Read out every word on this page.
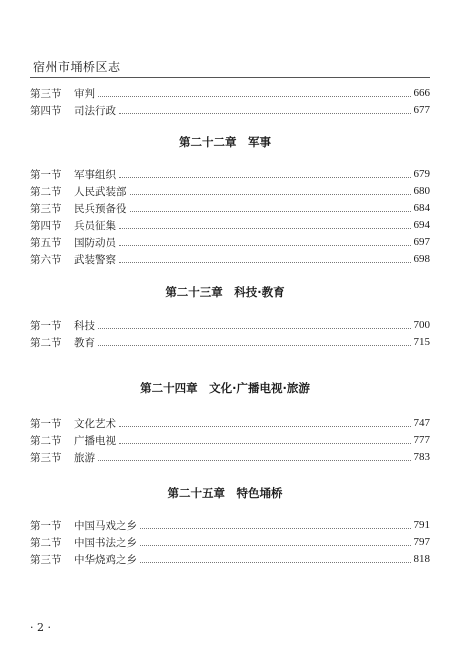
宿州市埇桥区志
第三节	审判	666
第四节	司法行政	677
第二十二章　军事
第一节	军事组织	679
第二节	人民武装部	680
第三节	民兵预备役	684
第四节	兵员征集	694
第五节	国防动员	697
第六节	武装警察	698
第二十三章　科技·教育
第一节	科技	700
第二节	教育	715
第二十四章　文化·广播电视·旅游
第一节	文化艺术	747
第二节	广播电视	777
第三节	旅游	783
第二十五章　特色埇桥
第一节	中国马戏之乡	791
第二节	中国书法之乡	797
第三节	中华烧鸡之乡	818
· 2 ·
